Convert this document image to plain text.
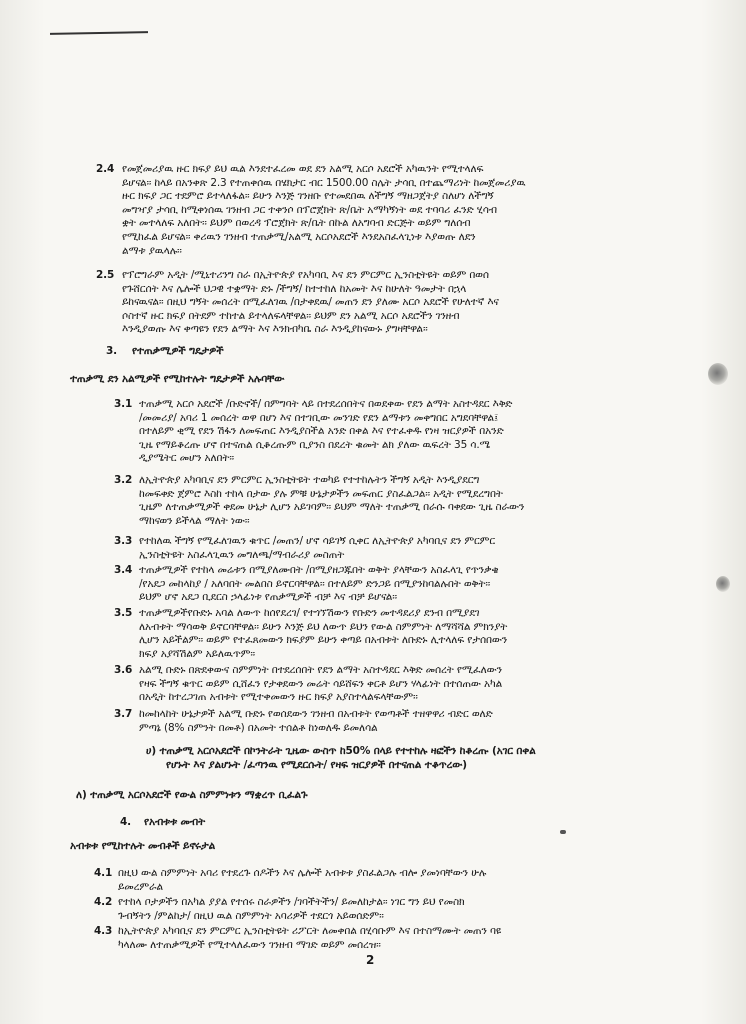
2.4 የመጀመሪያዉ ዙር ክፍያ ይህ ዉል እንደተፈረመ ወደ ደን አልሚ አርሶ አደሮች አካዉንት የሚተላለፍ
ይሆናል፡፡ ከላይ በአንቀጽ 2.3 የተጠቀሰዉ በሄክታር ብር 1500.00 ስሌት ታሳቢ በተጨማሪነት ከመጀመሪያዉ
ዙር ክፍያ ጋር ተደምሮ ይተላለፋል፡፡ ይሁን እንጅ ገንዘቡ የተመደበዉ ለችግኝ ማዘጋጀትያ ስለሆነ ለችግኝ
መግዣያ ታሳቢ ከሚቀነሰዉ ገንዘብ ጋር ተቀንሶ በፕሮጀክት ጽ/ቤት አማካኝነት ወደ ተባባሪ ፈንድ ሂሳብ
ቋት መተላለፍ አለበት፡፡ ይህም በወረዳ ፕሮጀክት ጽ/ቤት በኩል ለአግባብ ድርጅት ወይም ግለሰብ
የሚከፈል ይሆናል፡፡ ቀሪዉን ገንዘብ ተጠቃሚ/አልሚ አርሶአደሮች እንደአስፈላጊነቱ እያወጡ ለደን
ልማቱ ያዉላሉ፡፡
2.5 የፕሮግራም አዲት /ሚኒተሪንግ ስራ በኢትዮጵያ የአካባቢ እና ደን ምርምር ኢንስቲትዩት ወይም በወሰ
የጉሸርሰት እና ሌሎች ህጋዊ ተቋማት ድኑ /ችግኝ/ ከተተከለ ከአመት እና ከሁለት ዓመታት በኋላ
ይከናዉናል፡፡ በዚህ ግኝት መሰረት በሚፈለገዉ /በታቀደዉ/ መጠን ደን ያለሙ አርሶ አደሮች የሁለተኛ እና
ሶስተኛ ዙር ክፍያ በትደም ተከተል ይተላለፍላቸዋል፡፡ ይህም ደን አልሚ አርሶ አደሮችን ገንዘብ
እንዲያወጡ እና ቀጣዩን የደን ልማት እና እንክብካቤ ስራ እንዲያከናውኑ ያግዛቸዋል፡፡
3. የተጠቃሚዎች ግዴታዎች
ተጠቃሚ ደን አልሚዎች የሚከተሉት ግዴታዎች አሉባቸው
3.1 ተጠቃሚ አርሶ አደሮች /ቡድኖች/ በምግባት ላይ በተደረሰበትና በወደቀው የደን ልማት አስተዳደር እቅድ
/መመሪያ/ አባሪ 1 መሰረት ወዋ በሆነ እና በተገቢው መንገድ የደን ልማቱን መቀግበር አግደባቸዋል፤
በተለይም ቂሚ የደን ሽፋን ለመፍጠር እንዲያስችል አንድ በቀል እና የተፈቀዱ የነዛ ዝርያዎች በአንድ
ጊዜ የማይቆረጡ ሆኖ በተናጠል ሲቆረጡም ቢያንስ በደረት ቁመት ልክ ያለው ዉፍረት 35 ሳ.ሜ
ዲያሜትር መሆን አለበት፡፡
3.2 ለኢትዮጵያ አካባቢና ደን ምርምር ኢንስቲትዩት ተወካይ የተተከሉትን ችግኝ አዲት እንዲያደርግ
ከመፍቀድ ጀምሮ እስከ ተከላ በታው ያሉ ምቹ ሁኔታዎችን መፍጠር ያስፈልጋል፡፡ አዲት የሚደረግበት
ጊዜም ለተጠቃሚዎች ቀደመ ሁኔታ ሊሆን አይገባም፡፡ ይህም ማለት ተጠቃሚ በራሱ ባቀደው ጊዜ ስራውን
ማከናወን ይችላል ማለት ነው፡፡
3.3 የተከለዉ ችግኝ የሚፈለገዉን ቁጥር /መጠን/ ሆኖ ሳይገኝ ሲቀር ለኢትዮጵያ አካባቢና ደን ምርምር
ኢንስቲትዩት አስፈላጊዉን መግለጫ/ማብራሪያ መስጠት
3.4 ተጠቃሚዎች የተከላ መሬቱን በሚያለሙበት /በሚያዘጋጁበት ወቅት ያላቸውን አስፈላጊ የጥንቃቄ
/የአደጋ መከላከያ / አለባበት መልበስ ይኖርባቸዋል፡፡ በተለይም ድንጋይ በሚያንከባልሉበት ወቅት፡፡
ይህም ሆኖ አደጋ ቢደርስ ኃላፊነቱ የጠቃሚዎች ብቻ እና ብቻ ይሆናል፡፡
3.5 ተጠቃሚዎችየቡድኑ አባል ለውጥ ከሰየደረገ/ የተጎኘሽውን የቡድን መተዳደሪያ ደንብ በሚያደገ
ለአብቱት ማሳወቅ ይኖርባቸዋል፡፡ ይሁን እንጅ ይህ ለውጥ ይህን የውል ስምምነት ለማሻሻል ምክንያት
ሊሆን አይችልም፡፡ ወይም የተፈጸመውን ክፍያም ይሁን ቀጣይ በአብቱት ለቡድኑ ሊተላለፍ የታሰበውን
ክፍያ አያሻሽልም አይለዉጥም፡፡
3.6 አልሚ ቡድኑ በጽደቀውና ስምምነት በተደረሰበት የደን ልማት አስተዳደር እቅድ መሰረት የሚፈለውን
የዛፍ ችግኝ ቁጥር ወይም ሲሸፈን የታቀደውን መሬት ሳይሸፍን ቀርቶ ይሆን ሃላፊነት በተሰጠው አካል
በአዲት ከተረጋገጠ አብቱት የሚተቀመውን ዙር ክፍያ አያስተላልፍላቸውም፡፡
3.7 ከመከላከት ሁኔታዎች አልሚ ቡድኑ የወሰደውን ገንዘብ በአብቱት የወጣቶች ተዘዋዋሪ ብድር ወለድ
ምጣኔ (8% ስምንት በመቶ) በአመት ተሰልቶ ከነወለዱ ይመለሳል
ሀ) ተጠቃሚ አርሶአደሮች በኮንትራት ጊዜው ውስጥ ከ50% በላይ የተተከሉ ዛፎችን ከቆረጡ (አገር በቀል
የሆኑት እና ያልሆኑት /ፈጣንዉ የሚደርሱት/ የዛፍ ዝርያዎች በተናጠል ተቆጥረው)
ለ) ተጠቃሚ አርሶአደሮች የውል ስምምነቱን ማቋረጥ ቢፈልጉ
4. የአብቱቱ መብት
አብቱቱ የሚከተሉት መብቶች ይኖሩታል
4.1 በዚህ ውል ስምምነት አባሪ የተደረጉ ሰዶችን እና ሌሎች አብቱቱ ያስፈልጋሉ ብሎ ያመነባቸውን ሁሉ
ይመረምራል
4.2 የተከላ ቦታዎችን በአካል ያያል የተሰሩ ስራዎችን /ገባችትችን/ ይመለከታል፡፡ ነገር ግን ይህ የመስክ
ጉብኝትን /ምልከታ/ በዚህ ዉል ስምምነት አባሪዎች ተደርጎ አይወሰድም፡፡
4.3 ከኢትዮጵያ አካባቢና ደን ምርምር ኢንስቲትዩት ሪፖርት ለመቀበል በሂሳቡም እና በተስማሙት መጠን ባዩ
ካላለሙ ለተጠቃሚዎች የሚተላለፈውን ገንዘብ ማገድ ወይም መሰረዝ፡፡
2
